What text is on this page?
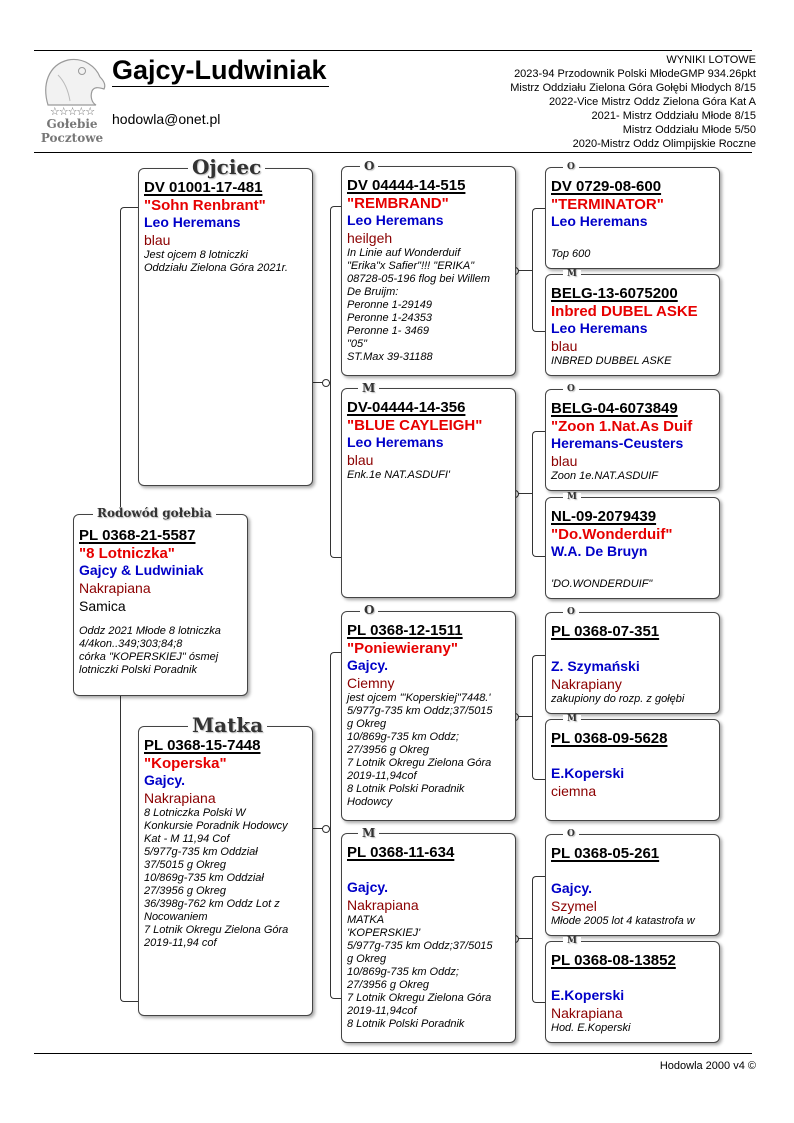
☆☆☆☆☆
Gołebie
Pocztowe
Gajcy-Ludwiniak
hodowla@onet.pl
WYNIKI LOTOWE
2023-94 Przodownik Polski MłodeGMP 934.26pkt
Mistrz Oddziału Zielona Góra Gołębi Młodych 8/15
2022-Vice Mistrz Oddz Zielona Góra Kat A
2021- Mistrz Oddziału Młode 8/15
Mistrz Oddziału Młode 5/50
2020-Mistrz Oddz Olimpijskie Roczne
DV 01001-17-481
"Sohn Renbrant"
Leo Heremans
blau
Jest ojcem 8 lotniczki
Oddziału Zielona Góra 2021r.
Ojciec
PL 0368-21-5587
"8 Lotniczka"
Gajcy & Ludwiniak
Nakrapiana
Samica
Oddz 2021 Młode 8 lotniczka
4/4kon..349;303;84;8
córka "KOPERSKIEJ" ósmej
lotniczki Polski Poradnik
Rodowód gołebia
PL 0368-15-7448
"Koperska"
Gajcy.
Nakrapiana
8 Lotniczka Polski W
Konkursie Poradnik Hodowcy
Kat - M 11,94 Cof
5/977g-735 km Oddział
37/5015 g Okreg
10/869g-735 km Oddział
27/3956 g Okreg
36/398g-762 km Oddz Lot z
Nocowaniem
7 Lotnik Okregu Zielona Góra
2019-11,94 cof
Matka
DV 04444-14-515
"REMBRAND"
Leo Heremans
heilgeh
In Linie auf Wonderduif
"Erika"x Safier"!!! "ERIKA"
08728-05-196 flog bei Willem
De Bruijm:
Peronne 1-29149
Peronne 1-24353
Peronne 1- 3469
"05"
ST.Max 39-31188
O
DV-04444-14-356
"BLUE CAYLEIGH"
Leo Heremans
blau
Enk.1e NAT.ASDUFI'
M
PL 0368-12-1511
"Poniewierany"
Gajcy.
Ciemny
jest ojcem '"Koperskiej"7448.'
5/977g-735 km Oddz;37/5015
g Okreg
10/869g-735 km Oddz;
27/3956 g Okreg
7 Lotnik Okregu Zielona Góra
2019-11,94cof
8 Lotnik Polski Poradnik
Hodowcy
O
PL 0368-11-634
Gajcy.
Nakrapiana
MATKA
'KOPERSKIEJ'
5/977g-735 km Oddz;37/5015
g Okreg
10/869g-735 km Oddz;
27/3956 g Okreg
7 Lotnik Okregu Zielona Góra
2019-11,94cof
8 Lotnik Polski Poradnik
M
DV 0729-08-600
"TERMINATOR"
Leo Heremans
Top 600
O
BELG-13-6075200
Inbred DUBEL ASKE
Leo Heremans
blau
INBRED DUBBEL ASKE
M
BELG-04-6073849
"Zoon 1.Nat.As Duif
Heremans-Ceusters
blau
Zoon 1e.NAT.ASDUIF
O
NL-09-2079439
"Do.Wonderduif"
W.A. De Bruyn
'DO.WONDERDUIF"
M
PL 0368-07-351
Z. Szymański
Nakrapiany
zakupiony do rozp. z gołębi
O
PL 0368-09-5628
E.Koperski
ciemna
M
PL 0368-05-261
Gajcy.
Szymel
Młode 2005 lot 4 katastrofa w
O
PL 0368-08-13852
E.Koperski
Nakrapiana
Hod. E.Koperski
M
Hodowla 2000 v4 ©
